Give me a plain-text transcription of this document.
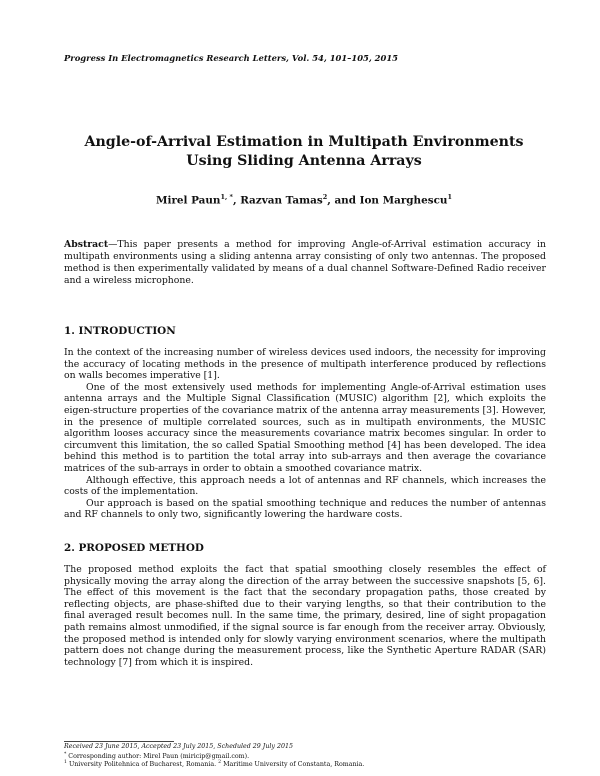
Progress In Electromagnetics Research Letters, Vol. 54, 101–105, 2015
Angle-of-Arrival Estimation in Multipath Environments
Using Sliding Antenna Arrays
Mirel Paun$^{1, *}$, Razvan Tamas$^2$, and Ion Marghescu$^1$
Abstract—This paper presents a method for improving Angle-of-Arrival estimation accuracy in multipath environments using a sliding antenna array consisting of only two antennas. The proposed method is then experimentally validated by means of a dual channel Software-Defined Radio receiver and a wireless microphone.
1. INTRODUCTION

In the context of the increasing number of wireless devices used indoors, the necessity for improving the accuracy of locating methods in the presence of multipath interference produced by reflections on walls becomes imperative [1].

One of the most extensively used methods for implementing Angle-of-Arrival estimation uses antenna arrays and the Multiple Signal Classification (MUSIC) algorithm [2], which exploits the eigen-structure properties of the covariance matrix of the antenna array measurements [3]. However, in the presence of multiple correlated sources, such as in multipath environments, the MUSIC algorithm looses accuracy since the measurements covariance matrix becomes singular. In order to circumvent this limitation, the so called Spatial Smoothing method [4] has been developed. The idea behind this method is to partition the total array into sub-arrays and then average the covariance matrices of the sub-arrays in order to obtain a smoothed covariance matrix.

Although effective, this approach needs a lot of antennas and RF channels, which increases the costs of the implementation.

Our approach is based on the spatial smoothing technique and reduces the number of antennas and RF channels to only two, significantly lowering the hardware costs.

2. PROPOSED METHOD

The proposed method exploits the fact that spatial smoothing closely resembles the effect of physically moving the array along the direction of the array between the successive snapshots [5, 6]. The effect of this movement is the fact that the secondary propagation paths, those created by reflecting objects, are phase-shifted due to their varying lengths, so that their contribution to the final averaged result becomes null. In the same time, the primary, desired, line of sight propagation path remains almost unmodified, if the signal source is far enough from the receiver array. Obviously, the proposed method is intended only for slowly varying environment scenarios, where the multipath pattern does not change during the measurement process, like the Synthetic Aperture RADAR (SAR) technology [7] from which it is inspired.

Received 23 June 2015, Accepted 23 July 2015, Scheduled 29 July 2015
* Corresponding author: Mirel Paun (miricip@gmail.com).
$^1$ University Politehnica of Bucharest, Romania. $^2$ Maritime University of Constanta, Romania.
